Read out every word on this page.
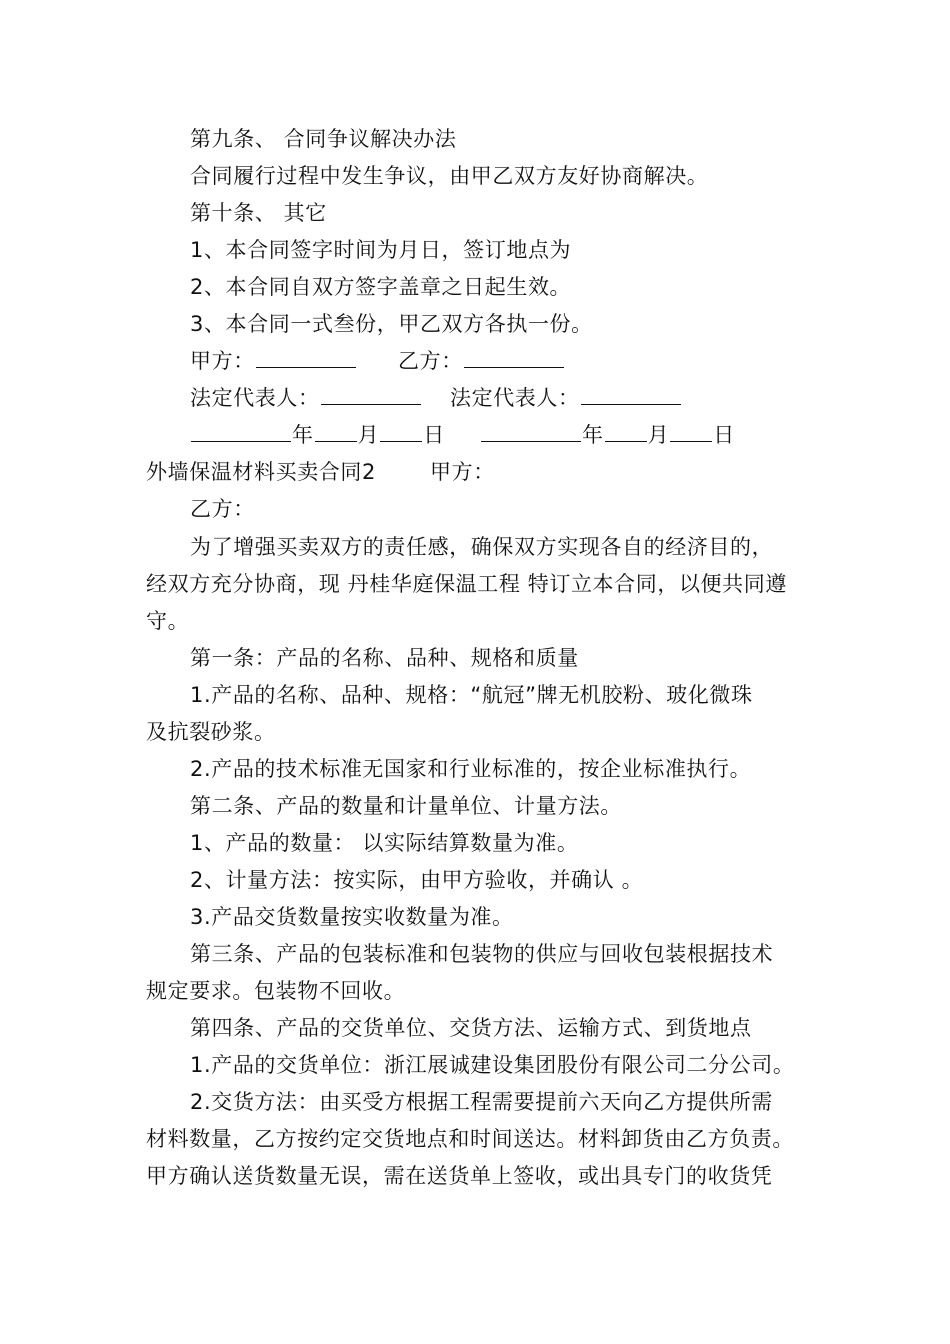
第九条、 合同争议解决办法
合同履行过程中发生争议，由甲乙双方友好协商解决。
第十条、 其它
1、本合同签字时间为月日，签订地点为
2、本合同自双方签字盖章之日起生效。
3、本合同一式叁份，甲乙双方各执一份。
甲方：	乙方：
法定代表人：	法定代表人：
年 月 日	年 月 日
外墙保温材料买卖合同2	甲方：
乙方：
为了增强买卖双方的责任感，确保双方实现各自的经济目的，
经双方充分协商，现 丹桂华庭保温工程 特订立本合同，以便共同遵
守。
第一条：产品的名称、品种、规格和质量
1.产品的名称、品种、规格：“航冠”牌无机胶粉、玻化微珠
及抗裂砂浆。
2.产品的技术标准无国家和行业标准的，按企业标准执行。
第二条、产品的数量和计量单位、计量方法。
1、产品的数量： 以实际结算数量为准。
2、计量方法：按实际，由甲方验收，并确认 。
3.产品交货数量按实收数量为准。
第三条、产品的包装标准和包装物的供应与回收包装根据技术
规定要求。包装物不回收。
第四条、产品的交货单位、交货方法、运输方式、到货地点
1.产品的交货单位：浙江展诚建设集团股份有限公司二分公司。
2.交货方法：由买受方根据工程需要提前六天向乙方提供所需
材料数量，乙方按约定交货地点和时间送达。材料卸货由乙方负责。
甲方确认送货数量无误，需在送货单上签收，或出具专门的收货凭
